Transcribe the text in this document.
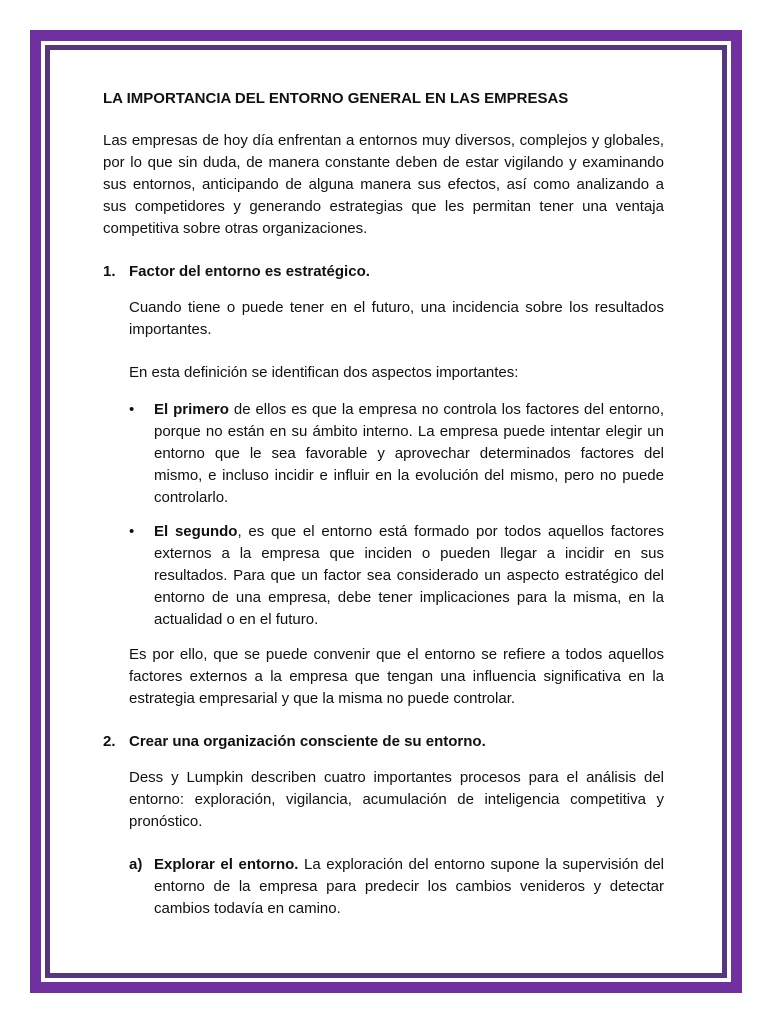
LA IMPORTANCIA DEL ENTORNO GENERAL EN LAS EMPRESAS
Las empresas de hoy día enfrentan a entornos muy diversos, complejos y globales, por lo que sin duda, de manera constante deben de estar vigilando y examinando sus entornos, anticipando de alguna manera sus efectos, así como analizando a sus competidores y generando estrategias que les permitan tener una ventaja competitiva sobre otras organizaciones.
1. Factor del entorno es estratégico.
Cuando tiene o puede tener en el futuro, una incidencia sobre los resultados importantes.
En esta definición se identifican dos aspectos importantes:
•	El primero de ellos es que la empresa no controla los factores del entorno, porque no están en su ámbito interno. La empresa puede intentar elegir un entorno que le sea favorable y aprovechar determinados factores del mismo, e incluso incidir e influir en la evolución del mismo, pero no puede controlarlo.
•	El segundo, es que el entorno está formado por todos aquellos factores externos a la empresa que inciden o pueden llegar a incidir en sus resultados. Para que un factor sea considerado un aspecto estratégico del entorno de una empresa, debe tener implicaciones para la misma, en la actualidad o en el futuro.
Es por ello, que se puede convenir que el entorno se refiere a todos aquellos factores externos a la empresa que tengan una influencia significativa en la estrategia empresarial y que la misma no puede controlar.
2. Crear una organización consciente de su entorno.
Dess y Lumpkin describen cuatro importantes procesos para el análisis del entorno: exploración, vigilancia, acumulación de inteligencia competitiva y pronóstico.
a) Explorar el entorno. La exploración del entorno supone la supervisión del entorno de la empresa para predecir los cambios venideros y detectar cambios todavía en camino.
